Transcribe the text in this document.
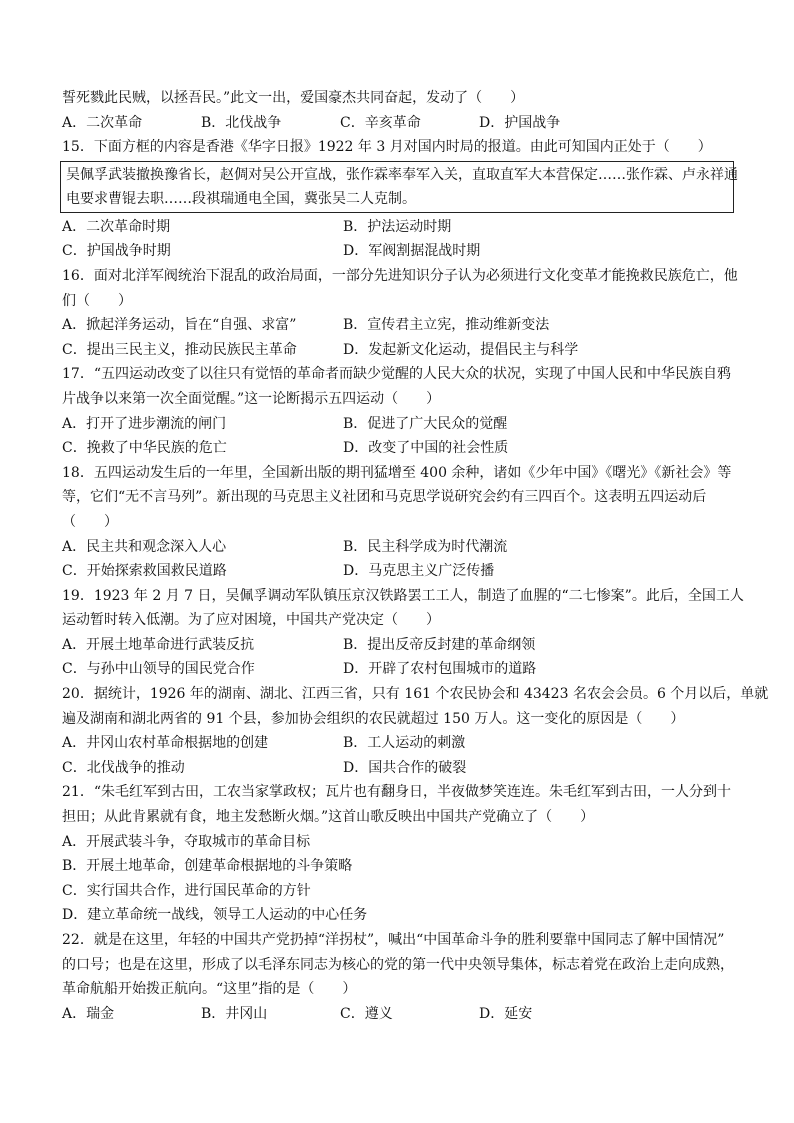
誓死戮此民贼，以拯吾民。”此文一出，爱国豪杰共同奋起，发动了（　　）
A．二次革命	B．北伐战争	C．辛亥革命	D．护国战争
15．下面方框的内容是香港《华字日报》1922 年 3 月对国内时局的报道。由此可知国内正处于（　　）
吴佩孚武装撤换豫省长，赵倜对吴公开宣战，张作霖率奉军入关，直取直军大本营保定……张作霖、卢永祥通
电要求曹锟去职……段祺瑞通电全国，冀张吴二人克制。
A．二次革命时期	B．护法运动时期
C．护国战争时期	D．军阀割据混战时期
16．面对北洋军阀统治下混乱的政治局面，一部分先进知识分子认为必须进行文化变革才能挽救民族危亡，他
们（　　）
A．掀起洋务运动，旨在“自强、求富”	B．宣传君主立宪，推动维新变法
C．提出三民主义，推动民族民主革命	D．发起新文化运动，提倡民主与科学
17．“五四运动改变了以往只有觉悟的革命者而缺少觉醒的人民大众的状况，实现了中国人民和中华民族自鸦
片战争以来第一次全面觉醒。”这一论断揭示五四运动（　　）
A．打开了进步潮流的闸门	B．促进了广大民众的觉醒
C．挽救了中华民族的危亡	D．改变了中国的社会性质
18．五四运动发生后的一年里，全国新出版的期刊猛增至 400 余种，诸如《少年中国》《曙光》《新社会》等
等，它们“无不言马列”。新出现的马克思主义社团和马克思学说研究会约有三四百个。这表明五四运动后
（　　）
A．民主共和观念深入人心	B．民主科学成为时代潮流
C．开始探索救国救民道路	D．马克思主义广泛传播
19．1923 年 2 月 7 日，吴佩孚调动军队镇压京汉铁路罢工工人，制造了血腥的“二七惨案”。此后，全国工人
运动暂时转入低潮。为了应对困境，中国共产党决定（　　）
A．开展土地革命进行武装反抗	B．提出反帝反封建的革命纲领
C．与孙中山领导的国民党合作	D．开辟了农村包围城市的道路
20．据统计，1926 年的湖南、湖北、江西三省，只有 161 个农民协会和 43423 名农会会员。6 个月以后，单就
遍及湖南和湖北两省的 91 个县，参加协会组织的农民就超过 150 万人。这一变化的原因是（　　）
A．井冈山农村革命根据地的创建	B．工人运动的刺激
C．北伐战争的推动	D．国共合作的破裂
21．“朱毛红军到古田，工农当家掌政权；瓦片也有翻身日，半夜做梦笑连连。朱毛红军到古田，一人分到十
担田；从此肯累就有食，地主发愁断火烟。”这首山歌反映出中国共产党确立了（　　）
A．开展武装斗争，夺取城市的革命目标
B．开展土地革命，创建革命根据地的斗争策略
C．实行国共合作，进行国民革命的方针
D．建立革命统一战线，领导工人运动的中心任务
22．就是在这里，年轻的中国共产党扔掉“洋拐杖”，喊出“中国革命斗争的胜利要靠中国同志了解中国情况”
的口号；也是在这里，形成了以毛泽东同志为核心的党的第一代中央领导集体，标志着党在政治上走向成熟，
革命航船开始拨正航向。“这里”指的是（　　）
A．瑞金	B．井冈山	C．遵义	D．延安
